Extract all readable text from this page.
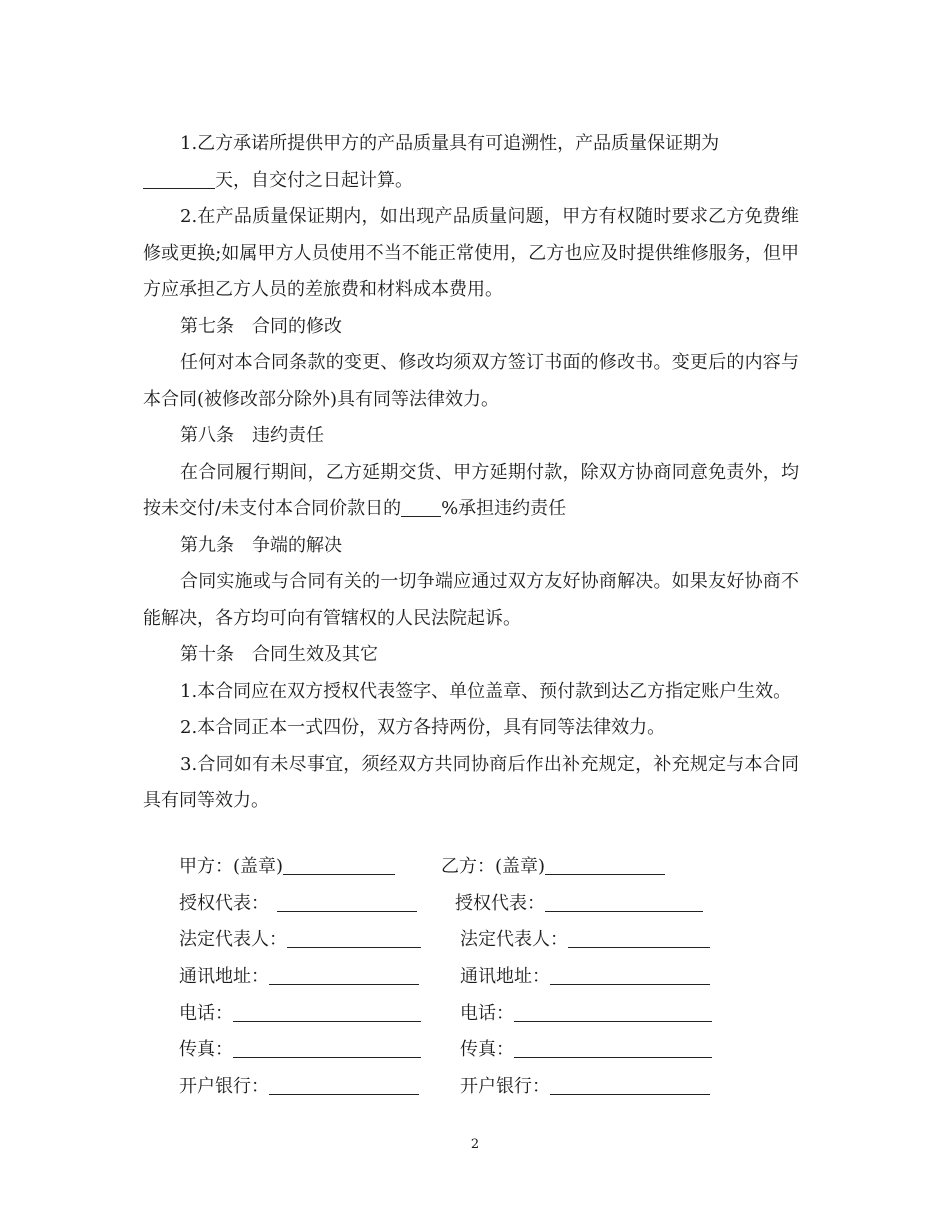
1.乙方承诺所提供甲方的产品质量具有可追溯性，产品质量保证期为

天，自交付之日起计算。

2.在产品质量保证期内，如出现产品质量问题，甲方有权随时要求乙方免费维修或更换;如属甲方人员使用不当不能正常使用，乙方也应及时提供维修服务，但甲方应承担乙方人员的差旅费和材料成本费用。

第七条　合同的修改

任何对本合同条款的变更、修改均须双方签订书面的修改书。变更后的内容与本合同(被修改部分除外)具有同等法律效力。

第八条　违约责任

在合同履行期间，乙方延期交货、甲方延期付款，除双方协商同意免责外，均按未交付/未支付本合同价款日的 %承担违约责任

第九条　争端的解决

合同实施或与合同有关的一切争端应通过双方友好协商解决。如果友好协商不能解决，各方均可向有管辖权的人民法院起诉。

第十条　合同生效及其它

1.本合同应在双方授权代表签字、单位盖章、预付款到达乙方指定账户生效。

2.本合同正本一式四份，双方各持两份，具有同等法律效力。

3.合同如有未尽事宜，须经双方共同协商后作出补充规定，补充规定与本合同具有同等效力。

甲方：(盖章)	乙方：(盖章)
授权代表：	授权代表：
法定代表人：	法定代表人：
通讯地址：	通讯地址：
电话：	电话：
传真：	传真：
开户银行：	开户银行：
2
